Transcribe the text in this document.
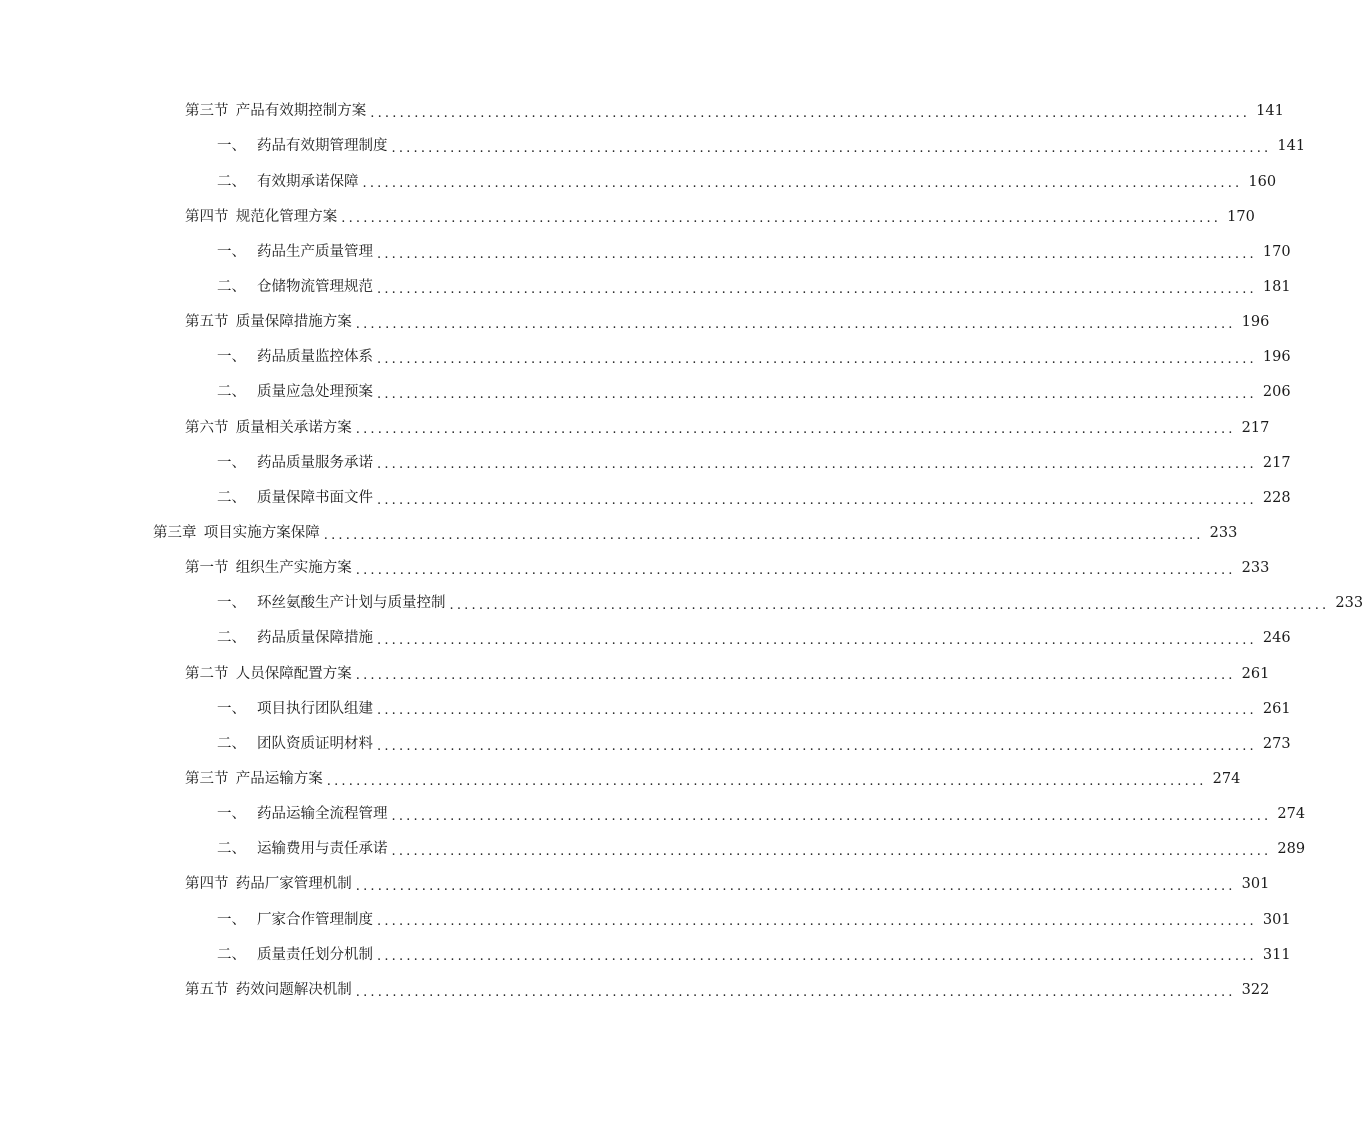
第三节  产品有效期控制方案 ........................................................................................................................ 141
一、 药品有效期管理制度 ........................................................................................................................ 141
二、 有效期承诺保障 ........................................................................................................................ 160
第四节  规范化管理方案 ........................................................................................................................ 170
一、 药品生产质量管理 ........................................................................................................................ 170
二、 仓储物流管理规范 ........................................................................................................................ 181
第五节  质量保障措施方案 ........................................................................................................................ 196
一、 药品质量监控体系 ........................................................................................................................ 196
二、 质量应急处理预案 ........................................................................................................................ 206
第六节  质量相关承诺方案 ........................................................................................................................ 217
一、 药品质量服务承诺 ........................................................................................................................ 217
二、 质量保障书面文件 ........................................................................................................................ 228
第三章  项目实施方案保障 ........................................................................................................................ 233
第一节  组织生产实施方案 ........................................................................................................................ 233
一、 环丝氨酸生产计划与质量控制 ........................................................................................................................ 233
二、 药品质量保障措施 ........................................................................................................................ 246
第二节  人员保障配置方案 ........................................................................................................................ 261
一、 项目执行团队组建 ........................................................................................................................ 261
二、 团队资质证明材料 ........................................................................................................................ 273
第三节  产品运输方案 ........................................................................................................................ 274
一、 药品运输全流程管理 ........................................................................................................................ 274
二、 运输费用与责任承诺 ........................................................................................................................ 289
第四节  药品厂家管理机制 ........................................................................................................................ 301
一、 厂家合作管理制度 ........................................................................................................................ 301
二、 质量责任划分机制 ........................................................................................................................ 311
第五节  药效问题解决机制 ........................................................................................................................ 322
